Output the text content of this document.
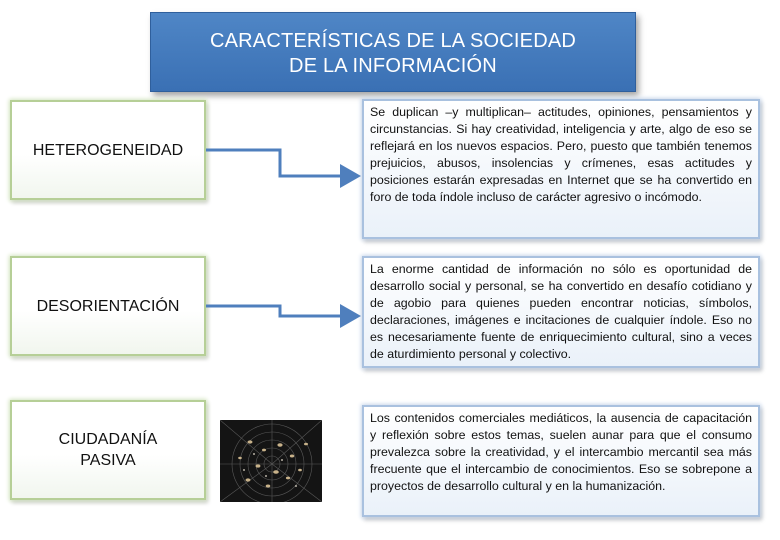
CARACTERÍSTICAS DE LA SOCIEDAD
DE LA INFORMACIÓN
HETEROGENEIDAD
Se duplican –y multiplican– actitudes, opiniones, pensamientos y circunstancias. Si hay creatividad, inteligencia y arte, algo de eso se reflejará en los nuevos espacios. Pero, puesto que también tenemos prejuicios, abusos, insolencias y crímenes, esas actitudes y posiciones estarán expresadas en Internet que se ha convertido en foro de toda índole incluso de carácter agresivo o incómodo.
DESORIENTACIÓN
La enorme cantidad de información no sólo es oportunidad de desarrollo social y personal, se ha convertido en desafío cotidiano y de agobio para quienes pueden encontrar noticias, símbolos, declaraciones, imágenes e incitaciones de cualquier índole. Eso no es necesariamente fuente de enriquecimiento cultural, sino a veces de aturdimiento personal y colectivo.
CIUDADANÍA
PASIVA
Los contenidos comerciales mediáticos, la ausencia de capacitación y reflexión sobre estos temas, suelen aunar para que el consumo prevalezca sobre la creatividad, y el intercambio mercantil sea más frecuente que el intercambio de conocimientos. Eso se sobrepone a proyectos de desarrollo cultural y en la humanización.
